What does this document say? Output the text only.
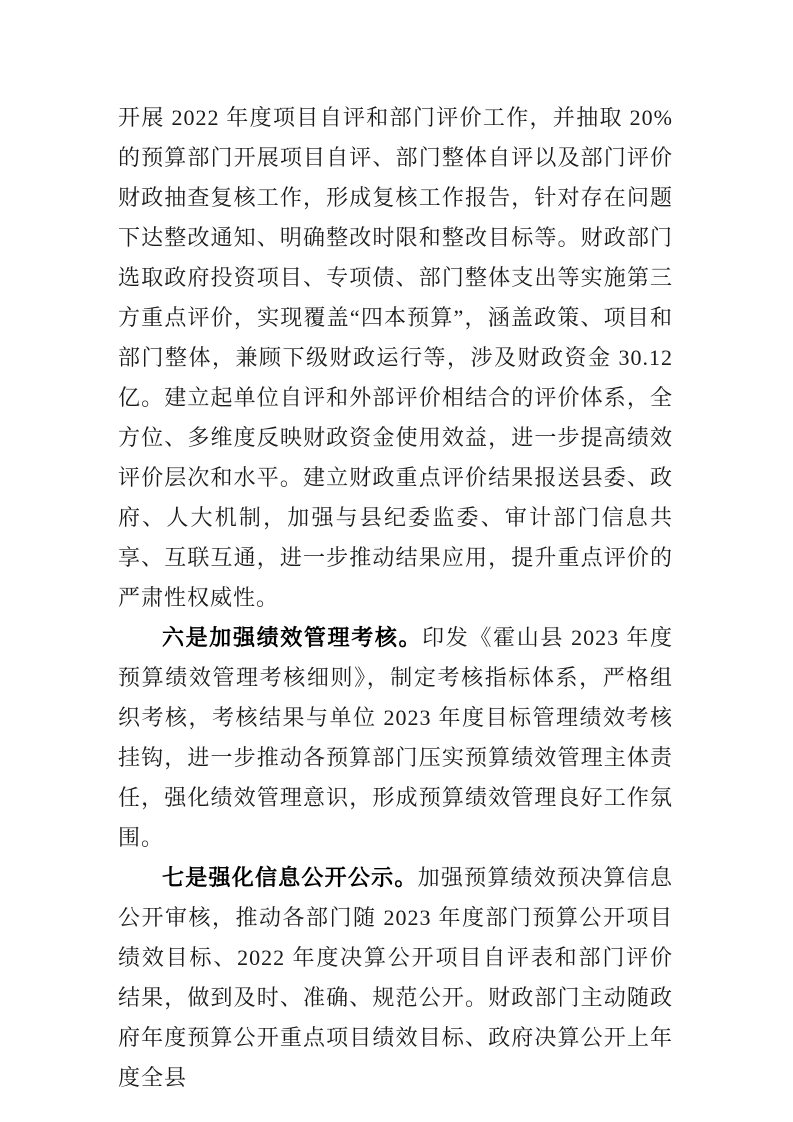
开展 2022 年度项目自评和部门评价工作，并抽取 20% 的预算部门开展项目自评、部门整体自评以及部门评价财政抽查复核工作，形成复核工作报告，针对存在问题下达整改通知、明确整改时限和整改目标等。财政部门选取政府投资项目、专项债、部门整体支出等实施第三方重点评价，实现覆盖“四本预算”，涵盖政策、项目和部门整体，兼顾下级财政运行等，涉及财政资金 30.12 亿。建立起单位自评和外部评价相结合的评价体系，全方位、多维度反映财政资金使用效益，进一步提高绩效评价层次和水平。建立财政重点评价结果报送县委、政府、人大机制，加强与县纪委监委、审计部门信息共享、互联互通，进一步推动结果应用，提升重点评价的严肃性权威性。

六是加强绩效管理考核。印发《霍山县 2023 年度预算绩效管理考核细则》，制定考核指标体系，严格组织考核，考核结果与单位 2023 年度目标管理绩效考核挂钩，进一步推动各预算部门压实预算绩效管理主体责任，强化绩效管理意识，形成预算绩效管理良好工作氛围。

七是强化信息公开公示。加强预算绩效预决算信息公开审核，推动各部门随 2023 年度部门预算公开项目绩效目标、2022 年度决算公开项目自评表和部门评价结果，做到及时、准确、规范公开。财政部门主动随政府年度预算公开重点项目绩效目标、政府决算公开上年度全县
